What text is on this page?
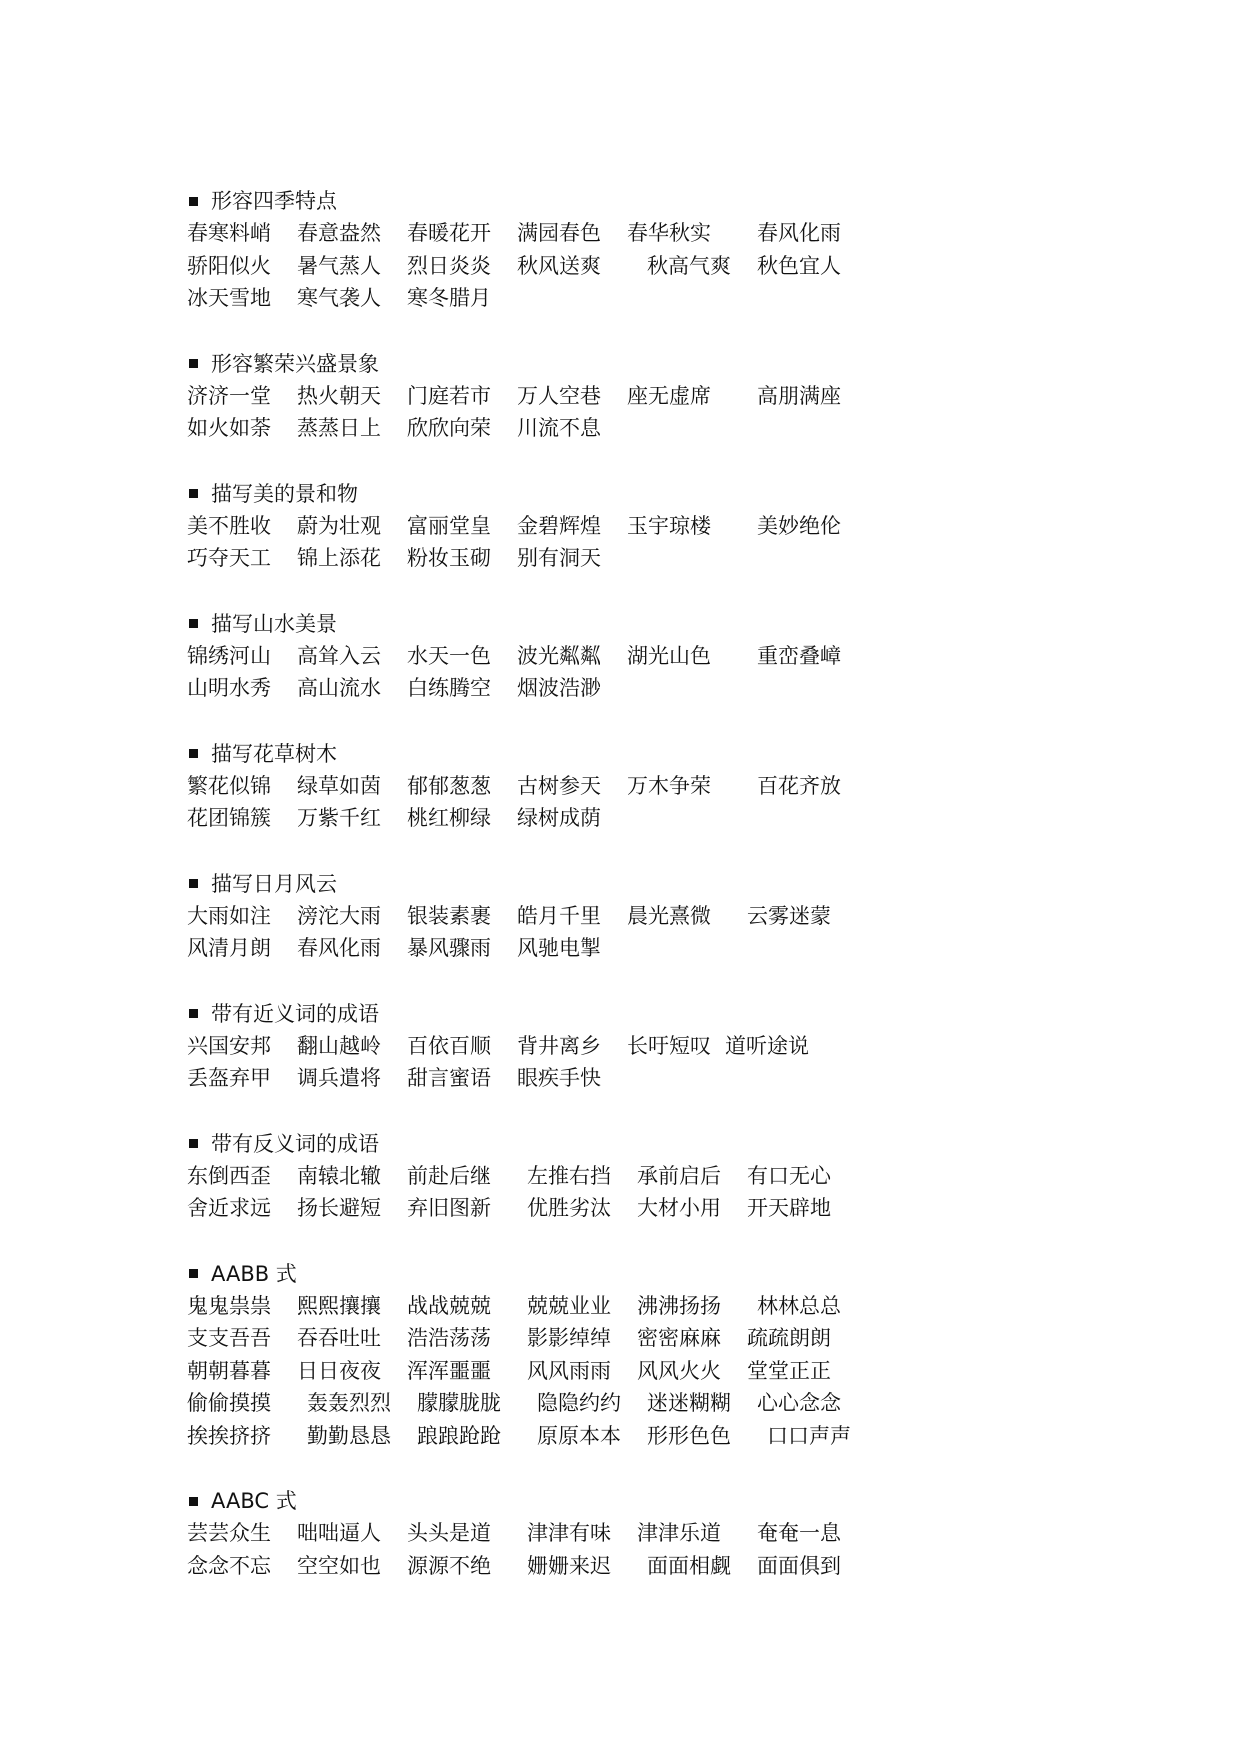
形容四季特点
春寒料峭 春意盎然 春暖花开 满园春色 春华秋实 春风化雨
骄阳似火 暑气蒸人 烈日炎炎 秋风送爽 秋高气爽 秋色宜人
冰天雪地 寒气袭人 寒冬腊月
形容繁荣兴盛景象
济济一堂 热火朝天 门庭若市 万人空巷 座无虚席 高朋满座
如火如荼 蒸蒸日上 欣欣向荣 川流不息
描写美的景和物
美不胜收 蔚为壮观 富丽堂皇 金碧辉煌 玉宇琼楼 美妙绝伦
巧夺天工 锦上添花 粉妆玉砌 别有洞天
描写山水美景
锦绣河山 高耸入云 水天一色 波光粼粼 湖光山色 重峦叠嶂
山明水秀 高山流水 白练腾空 烟波浩渺
描写花草树木
繁花似锦 绿草如茵 郁郁葱葱 古树参天 万木争荣 百花齐放
花团锦簇 万紫千红 桃红柳绿 绿树成荫
描写日月风云
大雨如注 滂沱大雨 银装素裹 皓月千里 晨光熹微 云雾迷蒙
风清月朗 春风化雨 暴风骤雨 风驰电掣
带有近义词的成语
兴国安邦 翻山越岭 百依百顺 背井离乡 长吁短叹 道听途说
丢盔弃甲 调兵遣将 甜言蜜语 眼疾手快
带有反义词的成语
东倒西歪 南辕北辙 前赴后继 左推右挡 承前启后 有口无心
舍近求远 扬长避短 弃旧图新 优胜劣汰 大材小用 开天辟地
AABB 式
鬼鬼祟祟 熙熙攘攘 战战兢兢 兢兢业业 沸沸扬扬 林林总总
支支吾吾 吞吞吐吐 浩浩荡荡 影影绰绰 密密麻麻 疏疏朗朗
朝朝暮暮 日日夜夜 浑浑噩噩 风风雨雨 风风火火 堂堂正正
偷偷摸摸 轰轰烈烈 朦朦胧胧 隐隐约约 迷迷糊糊 心心念念
挨挨挤挤 勤勤恳恳 踉踉跄跄 原原本本 形形色色 口口声声
AABC 式
芸芸众生 咄咄逼人 头头是道 津津有味 津津乐道 奄奄一息
念念不忘 空空如也 源源不绝 姗姗来迟 面面相觑 面面俱到
